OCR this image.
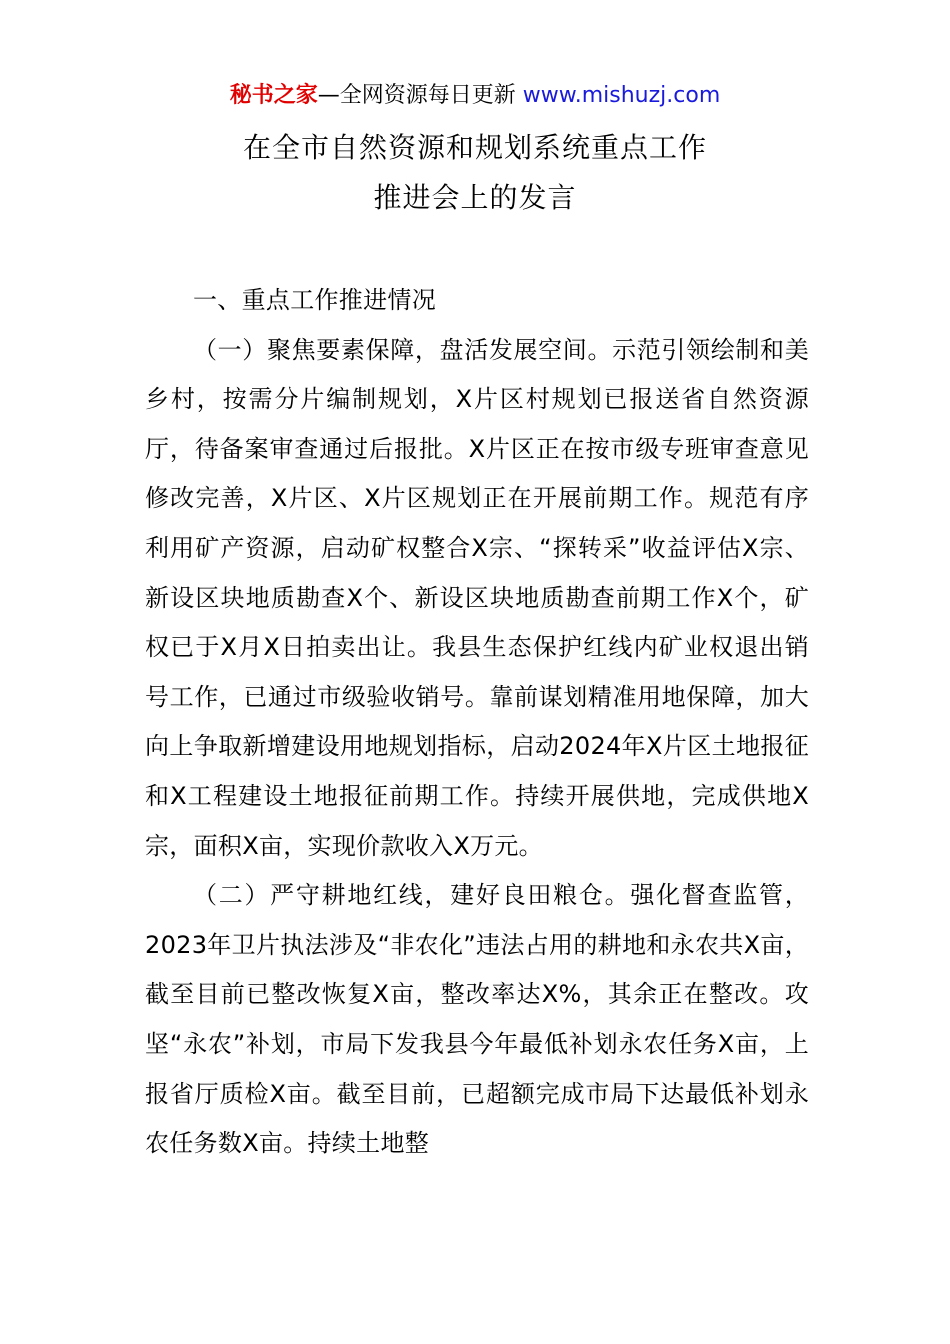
秘书之家—全网资源每日更新 www.mishuzj.com
在全市自然资源和规划系统重点工作
推进会上的发言

一、重点工作推进情况

（一）聚焦要素保障，盘活发展空间。示范引领绘制和美乡村，按需分片编制规划，X片区村规划已报送省自然资源厅，待备案审查通过后报批。X片区正在按市级专班审查意见修改完善，X片区、X片区规划正在开展前期工作。规范有序利用矿产资源，启动矿权整合X宗、“探转采”收益评估X宗、新设区块地质勘查X个、新设区块地质勘查前期工作X个，矿权已于X月X日拍卖出让。我县生态保护红线内矿业权退出销号工作，已通过市级验收销号。靠前谋划精准用地保障，加大向上争取新增建设用地规划指标，启动2024年X片区土地报征和X工程建设土地报征前期工作。持续开展供地，完成供地X宗，面积X亩，实现价款收入X万元。

（二）严守耕地红线，建好良田粮仓。强化督查监管，2023年卫片执法涉及“非农化”违法占用的耕地和永农共X亩，截至目前已整改恢复X亩，整改率达X%，其余正在整改。攻坚“永农”补划，市局下发我县今年最低补划永农任务X亩，上报省厅质检X亩。截至目前，已超额完成市局下达最低补划永农任务数X亩。持续土地整
